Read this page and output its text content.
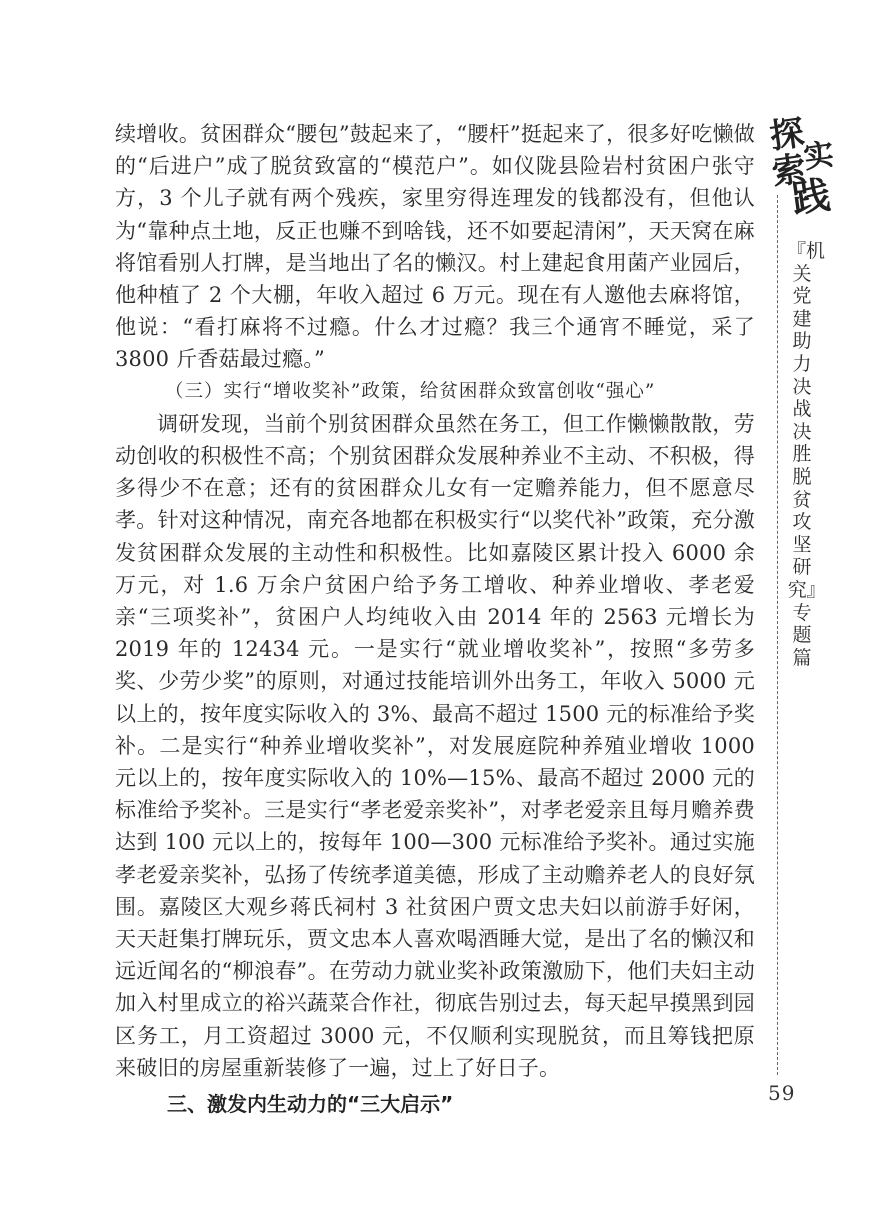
续增收。贫困群众“腰包”鼓起来了，“腰杆”挺起来了，很多好吃懒做的“后进户”成了脱贫致富的“模范户”。如仪陇县险岩村贫困户张守方，3 个儿子就有两个残疾，家里穷得连理发的钱都没有，但他认为“靠种点土地，反正也赚不到啥钱，还不如要起清闲”，天天窝在麻将馆看别人打牌，是当地出了名的懒汉。村上建起食用菌产业园后，他种植了 2 个大棚，年收入超过 6 万元。现在有人邀他去麻将馆，他说：“看打麻将不过瘾。什么才过瘾？我三个通宵不睡觉，采了 3800 斤香菇最过瘾。”

（三）实行“增收奖补”政策，给贫困群众致富创收“强心”

调研发现，当前个别贫困群众虽然在务工，但工作懒懒散散，劳动创收的积极性不高；个别贫困群众发展种养业不主动、不积极，得多得少不在意；还有的贫困群众儿女有一定赡养能力，但不愿意尽孝。针对这种情况，南充各地都在积极实行“以奖代补”政策，充分激发贫困群众发展的主动性和积极性。比如嘉陵区累计投入 6000 余万元，对 1.6 万余户贫困户给予务工增收、种养业增收、孝老爱亲“三项奖补”，贫困户人均纯收入由 2014 年的 2563 元增长为 2019 年的 12434 元。一是实行“就业增收奖补”，按照“多劳多奖、少劳少奖”的原则，对通过技能培训外出务工，年收入 5000 元以上的，按年度实际收入的 3%、最高不超过 1500 元的标准给予奖补。二是实行“种养业增收奖补”，对发展庭院种养殖业增收 1000 元以上的，按年度实际收入的 10%—15%、最高不超过 2000 元的标准给予奖补。三是实行“孝老爱亲奖补”，对孝老爱亲且每月赡养费达到 100 元以上的，按每年 100—300 元标准给予奖补。通过实施孝老爱亲奖补，弘扬了传统孝道美德，形成了主动赡养老人的良好氛围。嘉陵区大观乡蒋氏祠村 3 社贫困户贾文忠夫妇以前游手好闲，天天赶集打牌玩乐，贾文忠本人喜欢喝酒睡大觉，是出了名的懒汉和远近闻名的“柳浪春”。在劳动力就业奖补政策激励下，他们夫妇主动加入村里成立的裕兴蔬菜合作社，彻底告别过去，每天起早摸黑到园区务工，月工资超过 3000 元，不仅顺利实现脱贫，而且筹钱把原来破旧的房屋重新装修了一遍，过上了好日子。

三、激发内生动力的“三大启示”

探
索
实
践
『机关党建助力决战决胜脱贫攻坚研究』专题篇
59
